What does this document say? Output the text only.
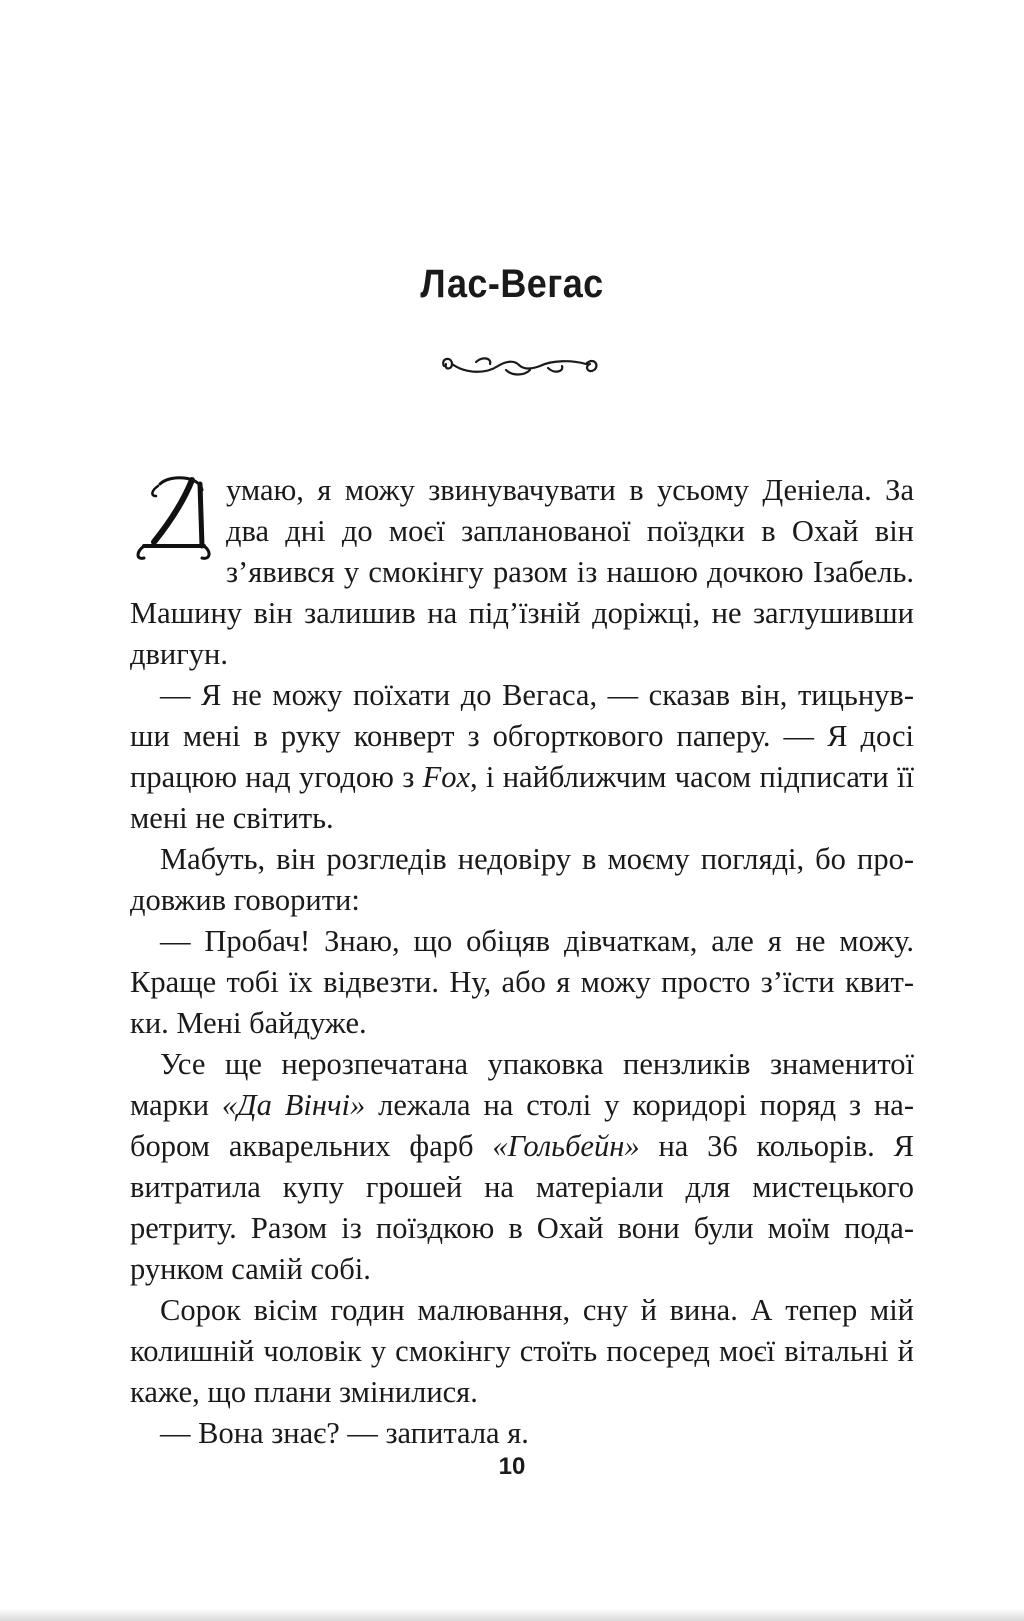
Лас-Вегас

умаю, я можу звинувачувати в усьому Деніела. За два дні до моєї запланованої поїздки в Охай він з’явився у смокінгу разом із нашою дочкою Ізабель. Машину він залишив на під’їзній доріжці, не заглушивши двигун.

— Я не можу поїхати до Вегаса, — сказав він, тицьнувши мені в руку конверт з обгорткового паперу. — Я досі працюю над угодою з Fox, і найближчим часом підписати її мені не світить.

Мабуть, він розгледів недовіру в моєму погляді, бо продовжив говорити:

— Пробач! Знаю, що обіцяв дівчаткам, але я не можу. Краще тобі їх відвезти. Ну, або я можу просто з’їсти квитки. Мені байдуже.

Усе ще нерозпечатана упаковка пензликів знаменитої марки «Да Вінчі» лежала на столі у коридорі поряд з набором акварельних фарб «Гольбейн» на 36 кольорів. Я витратила купу грошей на матеріали для мистецького ретриту. Разом із поїздкою в Охай вони були моїм подарунком самій собі.

Сорок вісім годин малювання, сну й вина. А тепер мій колишній чоловік у смокінгу стоїть посеред моєї вітальні й каже, що плани змінилися.

— Вона знає? — запитала я.

10
